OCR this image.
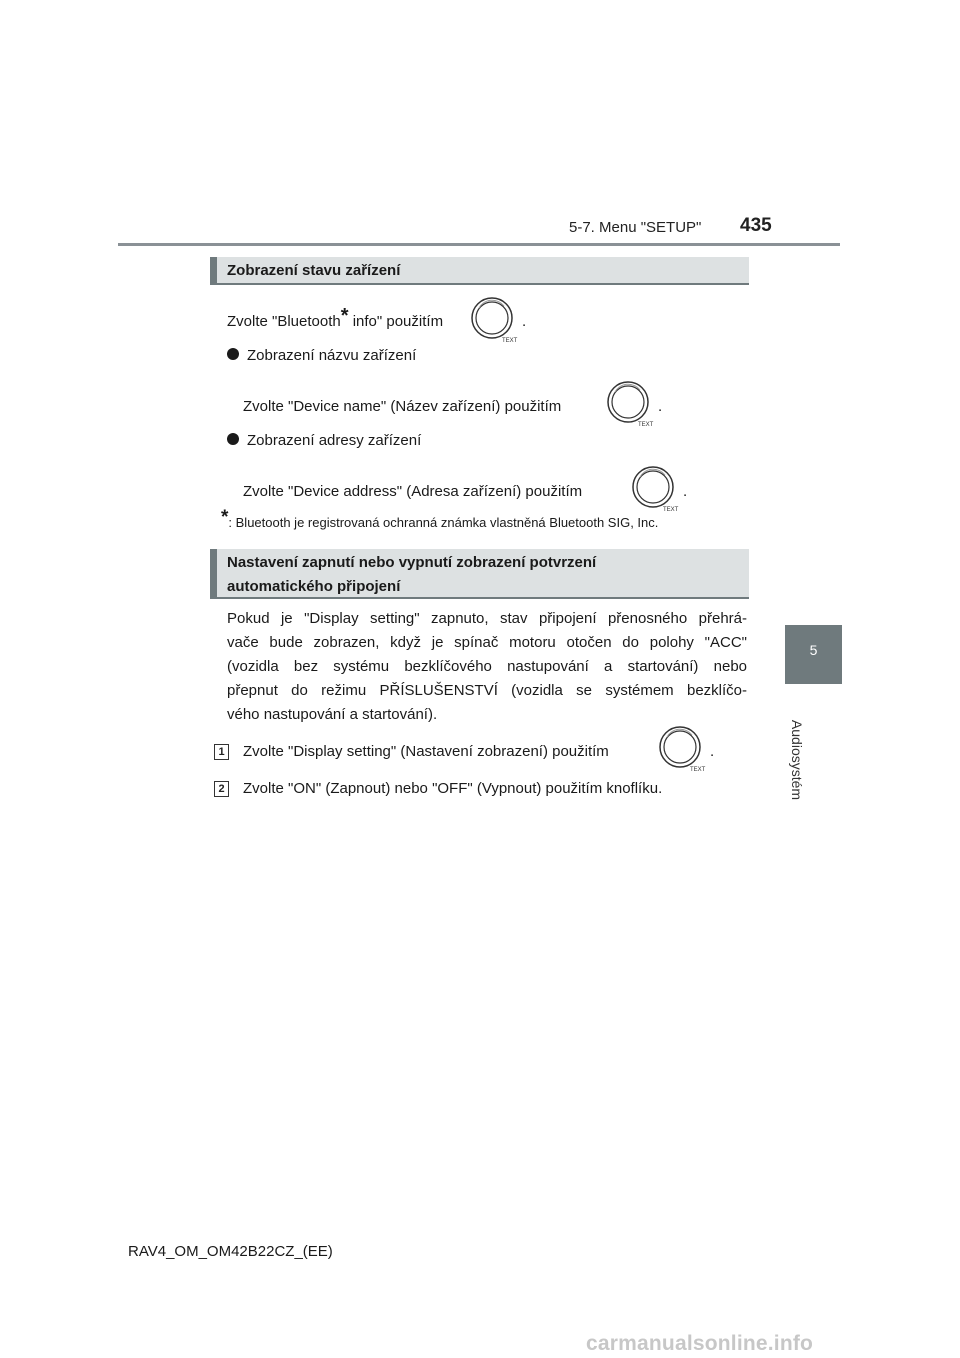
5-7. Menu "SETUP" 435
5
Audiosystém
Zobrazení stavu zařízení
Zvolte "Bluetooth* info" použitím
TEXT
.
Zobrazení názvu zařízení
Zvolte "Device name" (Název zařízení) použitím
TEXT
.
Zobrazení adresy zařízení
Zvolte "Device address" (Adresa zařízení) použitím
TEXT
.
*: Bluetooth je registrovaná ochranná známka vlastněná Bluetooth SIG, Inc.
Nastavení zapnutí nebo vypnutí zobrazení potvrzení
automatického připojení
Pokud je "Display setting" zapnuto, stav připojení přenosného přehrá-
vače bude zobrazen, když je spínač motoru otočen do polohy "ACC"
(vozidla bez systému bezklíčového nastupování a startování) nebo
přepnut do režimu PŘÍSLUŠENSTVÍ (vozidla se systémem bezklíčo-
vého nastupování a startování).
1 Zvolte "Display setting" (Nastavení zobrazení) použitím
TEXT
.
2 Zvolte "ON" (Zapnout) nebo "OFF" (Vypnout) použitím knoflíku.
RAV4_OM_OM42B22CZ_(EE)
carmanualsonline.info
